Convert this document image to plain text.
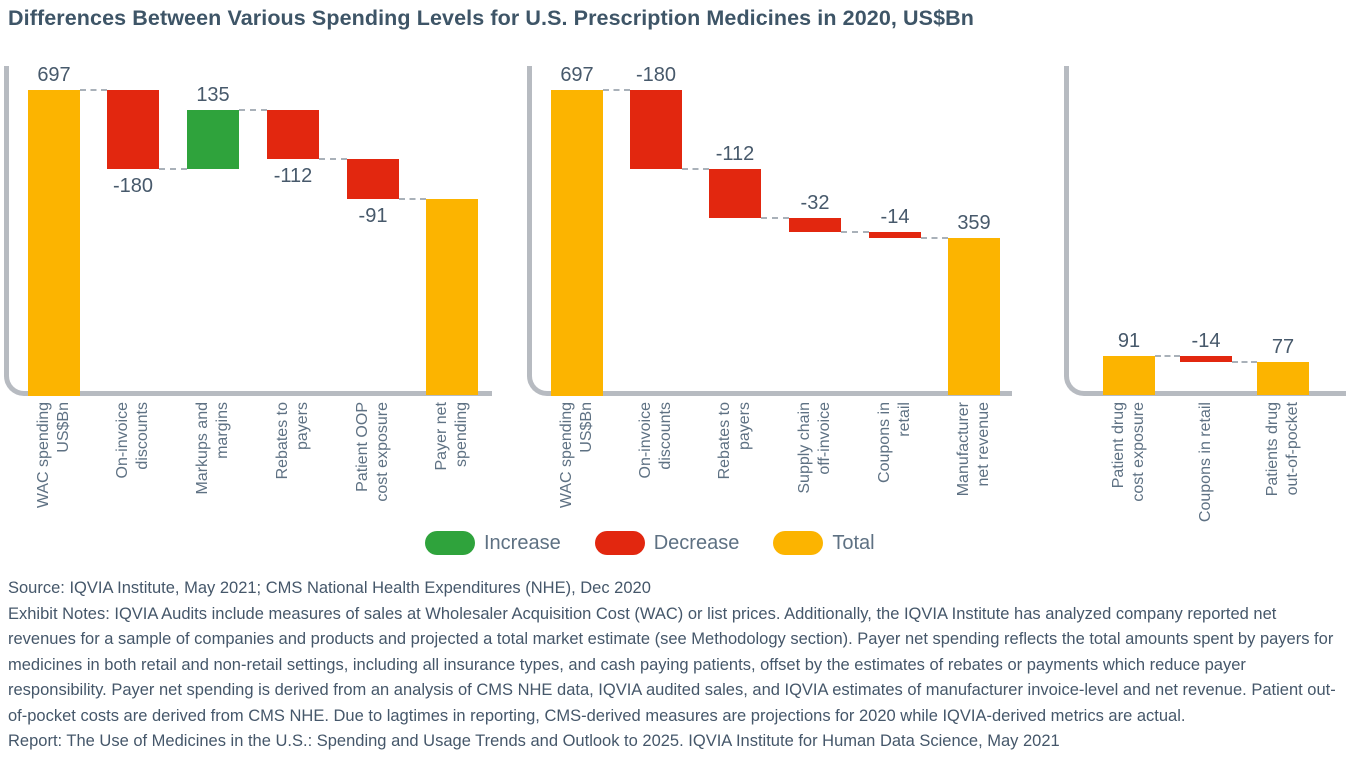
Differences Between Various Spending Levels for U.S. Prescription Medicines in 2020, US$Bn
697
WAC spending US$Bn
-180
On-invoice discounts
135
Markups and margins
-112
Rebates to payers
-91
Patient OOP cost exposure	Payer net spending
697
WAC spending US$Bn
-180
On-invoice discounts
-112
Rebates to payers
-32
Supply chain off-invoice
-14
Coupons in retail
359
Manufacturer net revenue
91
Patient drug cost exposure
-14
Coupons in retail
77
Patients drug out-of-pocket
Increase	Decrease	Total

Source: IQVIA Institute, May 2021; CMS National Health Expenditures (NHE), Dec 2020

Exhibit Notes: IQVIA Audits include measures of sales at Wholesaler Acquisition Cost (WAC) or list prices. Additionally, the IQVIA Institute has analyzed company reported net revenues for a sample of companies and products and projected a total market estimate (see Methodology section). Payer net spending reflects the total amounts spent by payers for medicines in both retail and non-retail settings, including all insurance types, and cash paying patients, offset by the estimates of rebates or payments which reduce payer responsibility. Payer net spending is derived from an analysis of CMS NHE data, IQVIA audited sales, and IQVIA estimates of manufacturer invoice-level and net revenue. Patient out-of-pocket costs are derived from CMS NHE. Due to lagtimes in reporting, CMS-derived measures are projections for 2020 while IQVIA-derived metrics are actual.

Report: The Use of Medicines in the U.S.: Spending and Usage Trends and Outlook to 2025. IQVIA Institute for Human Data Science, May 2021
